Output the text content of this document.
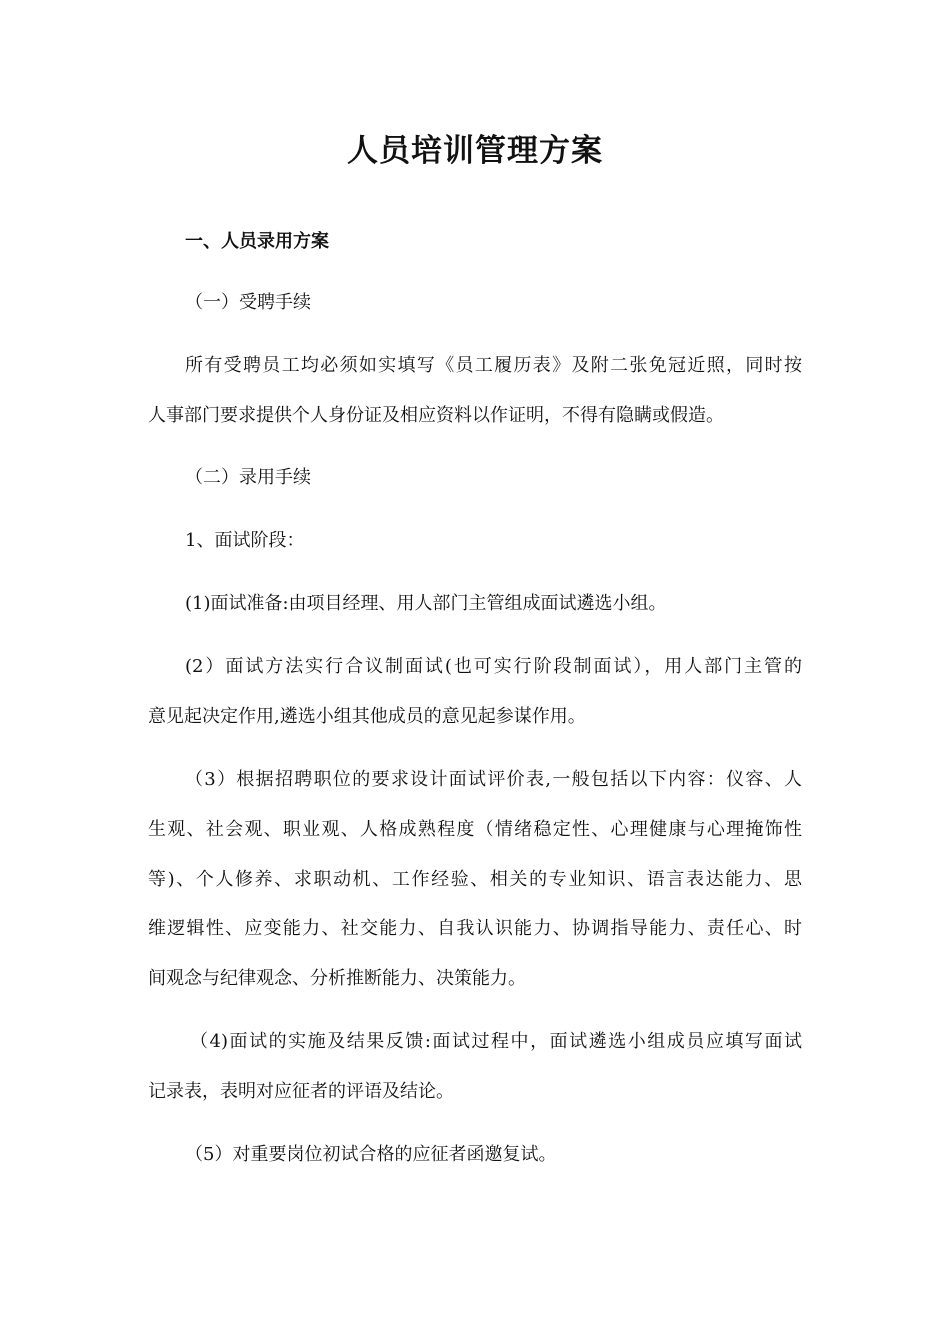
人员培训管理方案
一、人员录用方案

（一）受聘手续

所有受聘员工均必须如实填写《员工履历表》及附二张免冠近照，同时按

人事部门要求提供个人身份证及相应资料以作证明，不得有隐瞒或假造。

（二）录用手续

1、面试阶段：

(1)面试准备:由项目经理、用人部门主管组成面试遴选小组。

(2）面试方法实行合议制面试(也可实行阶段制面试），用人部门主管的

意见起决定作用,遴选小组其他成员的意见起参谋作用。

（3）根据招聘职位的要求设计面试评价表,一般包括以下内容：仪容、人

生观、社会观、职业观、人格成熟程度（情绪稳定性、心理健康与心理掩饰性

等)、个人修养、求职动机、工作经验、相关的专业知识、语言表达能力、思

维逻辑性、应变能力、社交能力、自我认识能力、协调指导能力、责任心、时

间观念与纪律观念、分析推断能力、决策能力。

（4)面试的实施及结果反馈:面试过程中，面试遴选小组成员应填写面试

记录表，表明对应征者的评语及结论。

（5）对重要岗位初试合格的应征者函邀复试。
